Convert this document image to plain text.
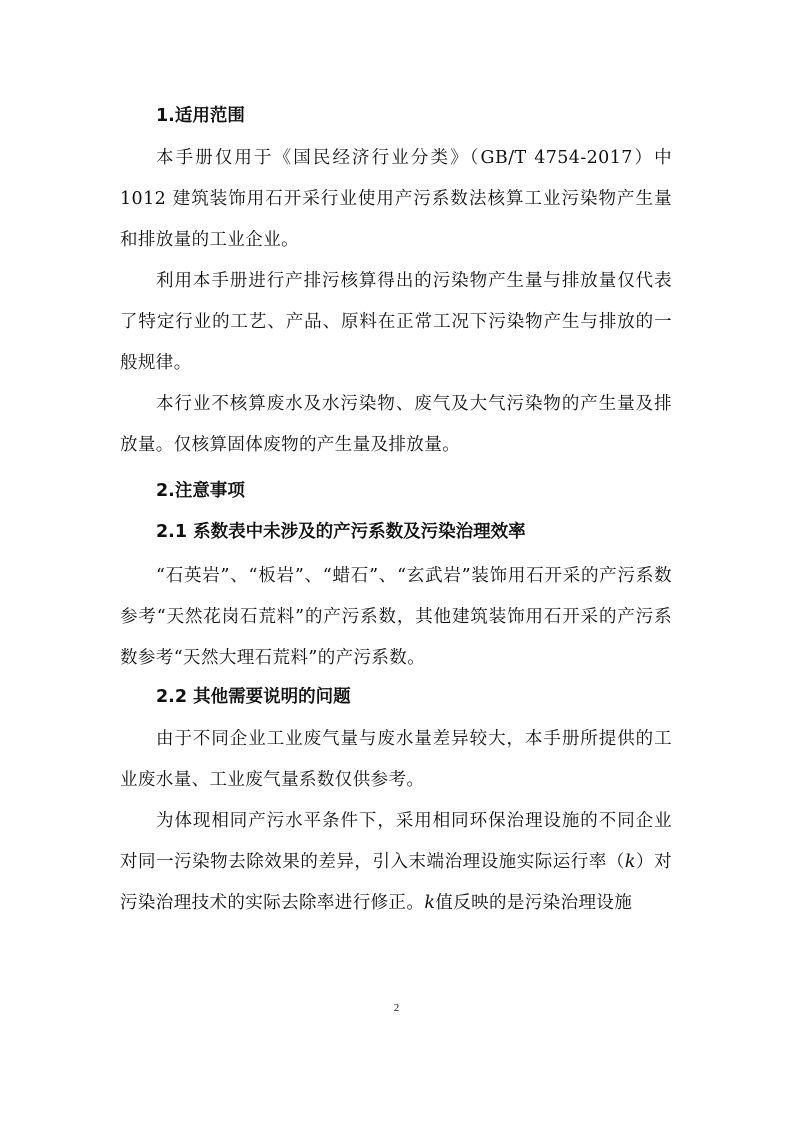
1.适用范围

本手册仅用于《国民经济行业分类》（GB/T 4754-2017）中 1012 建筑装饰用石开采行业使用产污系数法核算工业污染物产生量和排放量的工业企业。

利用本手册进行产排污核算得出的污染物产生量与排放量仅代表了特定行业的工艺、产品、原料在正常工况下污染物产生与排放的一般规律。

本行业不核算废水及水污染物、废气及大气污染物的产生量及排放量。仅核算固体废物的产生量及排放量。

2.注意事项

2.1 系数表中未涉及的产污系数及污染治理效率

“石英岩”、“板岩”、“蜡石”、“玄武岩”装饰用石开采的产污系数参考“天然花岗石荒料”的产污系数，其他建筑装饰用石开采的产污系数参考“天然大理石荒料”的产污系数。

2.2 其他需要说明的问题

由于不同企业工业废气量与废水量差异较大，本手册所提供的工业废水量、工业废气量系数仅供参考。

为体现相同产污水平条件下，采用相同环保治理设施的不同企业对同一污染物去除效果的差异，引入末端治理设施实际运行率（k）对污染治理技术的实际去除率进行修正。k值反映的是污染治理设施

2
